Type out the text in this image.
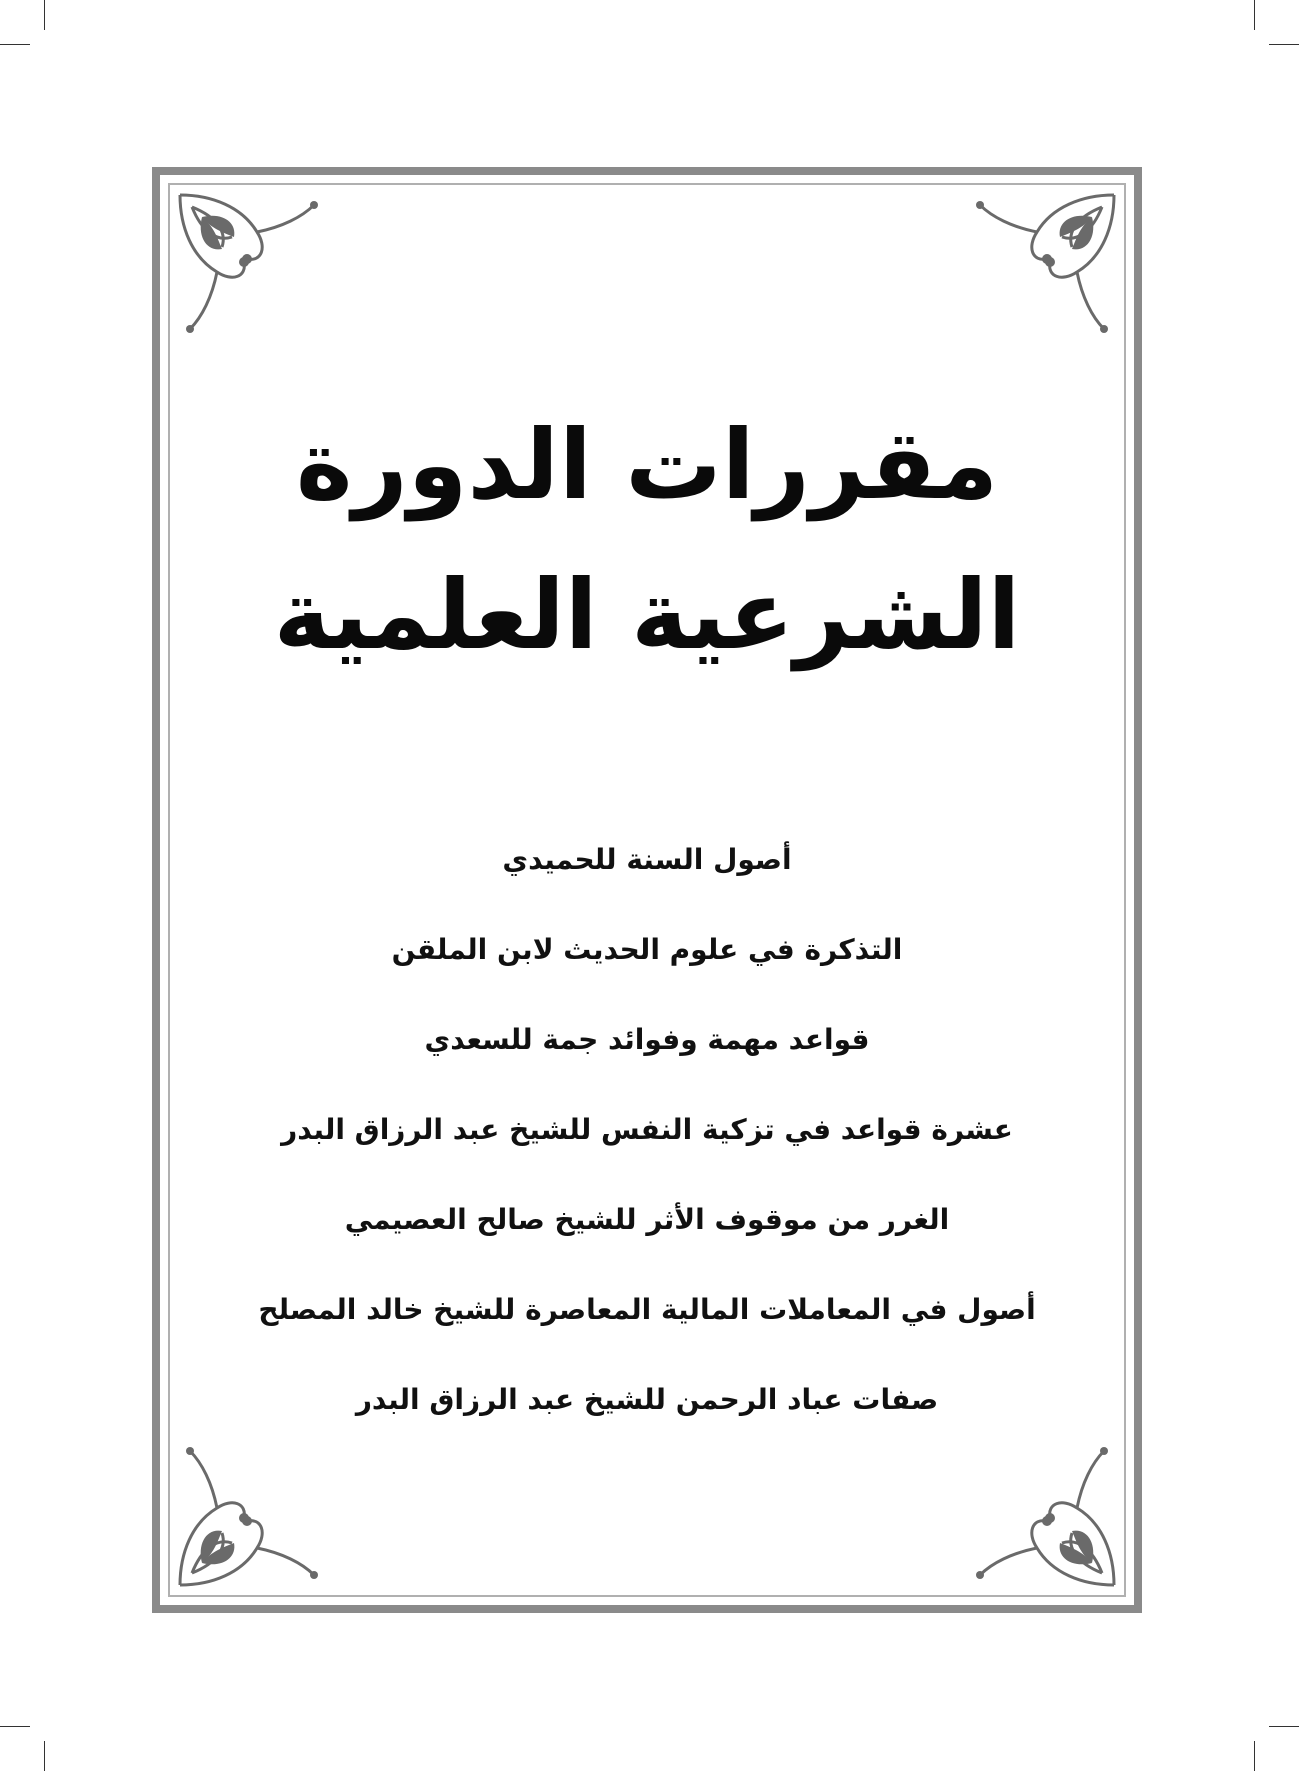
مقررات الدورة

الشرعية العلمية

أصول السنة للحميدي
التذكرة في علوم الحديث لابن الملقن
قواعد مهمة وفوائد جمة للسعدي
عشرة قواعد في تزكية النفس للشيخ عبد الرزاق البدر
الغرر من موقوف الأثر للشيخ صالح العصيمي
أصول في المعاملات المالية المعاصرة للشيخ خالد المصلح
صفات عباد الرحمن للشيخ عبد الرزاق البدر
